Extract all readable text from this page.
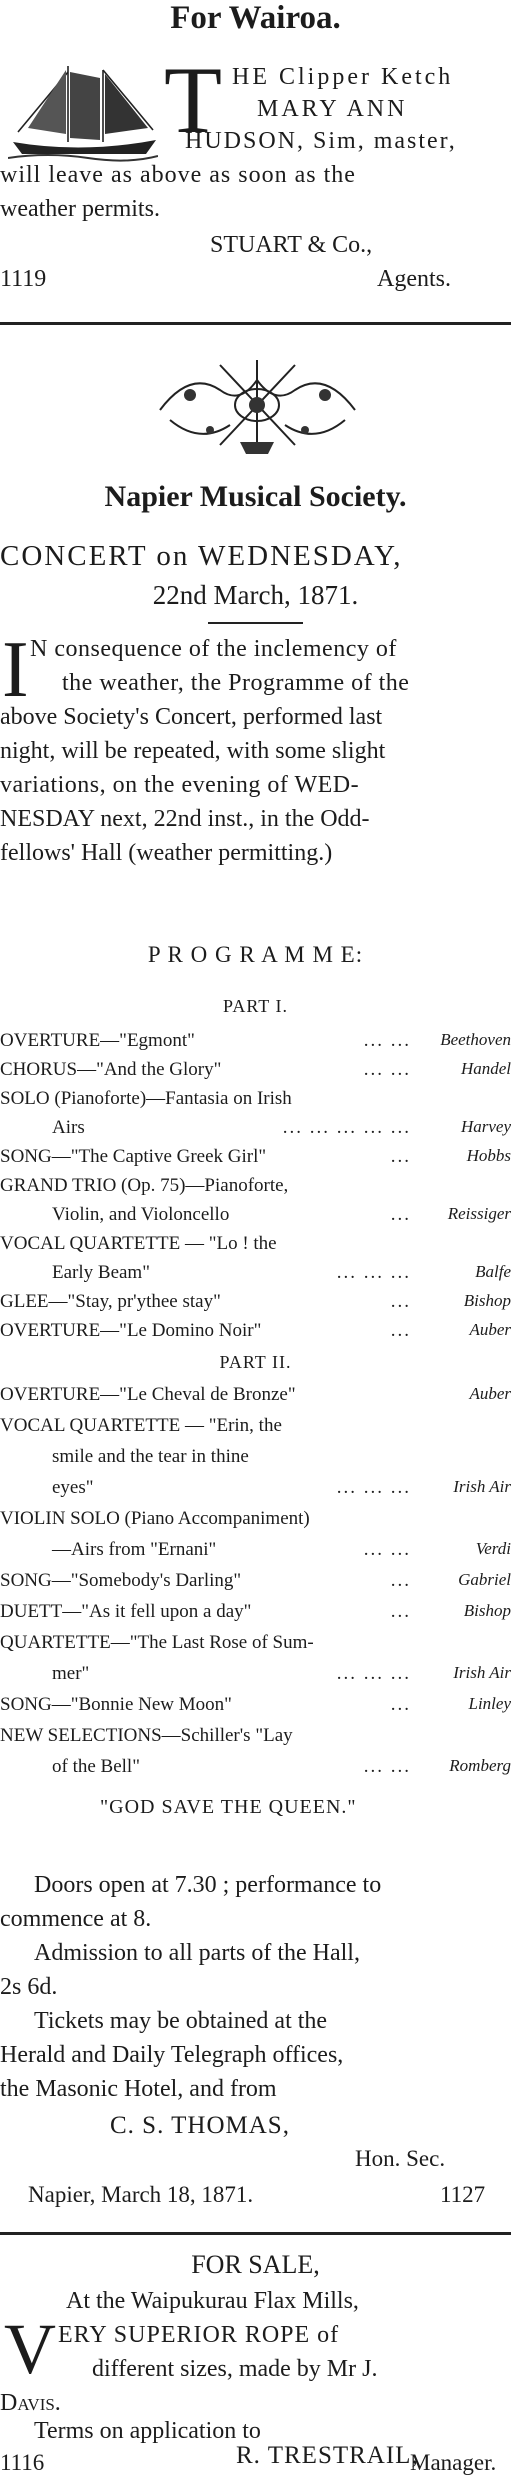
For Wairoa.
T HE Clipper Ketch
MARY ANN
HUDSON, Sim, master,
will leave as above as soon as the
weather permits.
STUART & Co.,
1119	Agents.
Napier Musical Society.
CONCERT on WEDNESDAY,
22nd March, 1871.
I N consequence of the inclemency of
the weather, the Programme of the
above Society's Concert, performed last
night, will be repeated, with some slight
variations, on the evening of WED-
NESDAY next, 22nd inst., in the Odd-
fellows' Hall (weather permitting.)
P R O G R A M M E:
PART I.
OVERTURE—"Egmont"	... ... Beethoven
CHORUS—"And the Glory"	... ...	Handel
SOLO (Pianoforte)—Fantasia on Irish
Airs	... ... ... ... ...	Harvey
SONG—"The Captive Greek Girl"	...	Hobbs
GRAND TRIO (Op. 75)—Pianoforte,
Violin, and Violoncello	... Reissiger
VOCAL QUARTETTE — "Lo ! the
Early Beam"	... ... ...	Balfe
GLEE—"Stay, pr'ythee stay"	...	Bishop
OVERTURE—"Le Domino Noir"	...	Auber
PART II.
OVERTURE—"Le Cheval de Bronze"	Auber
VOCAL QUARTETTE — "Erin, the
smile and the tear in thine
eyes"	... ... ... Irish Air
VIOLIN SOLO (Piano Accompaniment)
—Airs from "Ernani"	... ...	Verdi
SONG—"Somebody's Darling"	...	Gabriel
DUETT—"As it fell upon a day"	...	Bishop
QUARTETTE—"The Last Rose of Sum-
mer"	... ... ... Irish Air
SONG—"Bonnie New Moon"	...	Linley
NEW SELECTIONS—Schiller's "Lay
of the Bell"	... ... Romberg
"GOD SAVE THE QUEEN."
Doors open at 7.30 ; performance to
commence at 8.
Admission to all parts of the Hall,
2s 6d.
Tickets may be obtained at the
Herald and Daily Telegraph offices,
the Masonic Hotel, and from
C. S. THOMAS,
Hon. Sec.
Napier, March 18, 1871.	1127
FOR SALE,
At the Waipukurau Flax Mills,
V ERY SUPERIOR ROPE of
different sizes, made by Mr J.
Davis.
Terms on application to
R. TRESTRAIL,
1116	Manager.
